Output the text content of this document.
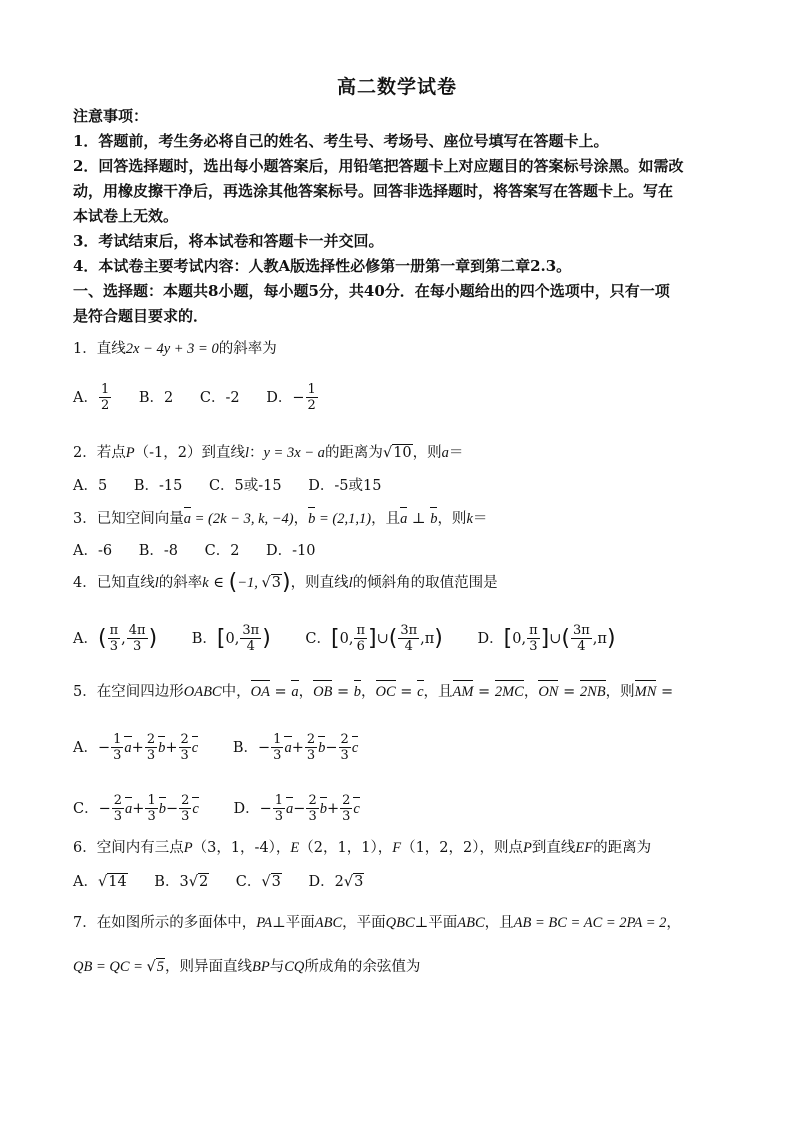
高二数学试卷
注意事项：
1．答题前，考生务必将自己的姓名、考生号、考场号、座位号填写在答题卡上。
2．回答选择题时，选出每小题答案后，用铅笔把答题卡上对应题目的答案标号涂黑。如需改
动，用橡皮擦干净后，再选涂其他答案标号。回答非选择题时，将答案写在答题卡上。写在
本试卷上无效。
3．考试结束后，将本试卷和答题卡一并交回。
4．本试卷主要考试内容：人教A版选择性必修第一册第一章到第二章2.3。
一、选择题：本题共8小题，每小题5分，共40分．在每小题给出的四个选项中，只有一项
是符合题目要求的．
1．直线2x − 4y + 3 = 0的斜率为
A． $\frac{1}{2}$ B．2 C．-2 D．− $\frac{1}{2}$
2．若点P（-1，2）到直线l：y = 3x − a的距离为√10，则a＝
A．5 B．-15 C．5或-15 D．-5或15
3．已知空间向量a = (2k − 3, k, −4)，b = (2,1,1)，且a ⊥ b，则k＝
A．-6 B．-8 C．2 D．-10
4．已知直线l的斜率k ∈ (−1, √3)，则直线l的倾斜角的取值范围是
A．( $\frac{\pi}{3}$ , $\frac{4\pi}{3}$ ) B．[0, $\frac{3\pi}{4}$ ) C．[0, $\frac{\pi}{6}$ ]∪( $\frac{3\pi}{4} ,\pi$) D．[0, $\frac{\pi}{3}$ ]∪( $\frac{3\pi}{4} ,\pi$)
5．在空间四边形OABC中，OA = a，OB = b，OC = c，且AM = 2MC，ON = 2NB，则MN =
A．− $\frac{1}{3} a+ \frac{2}{3} b+ \frac{2}{3}$ c B．− $\frac{1}{3} a+ \frac{2}{3} b- \frac{2}{3}$ c
C．− $\frac{2}{3} a+ \frac{1}{3} b- \frac{2}{3}$ c D．− $\frac{1}{3} a- \frac{2}{3} b+ \frac{2}{3}$ c
6．空间内有三点P（3，1，-4），E（2，1，1），F（1，2，2），则点P到直线EF的距离为
A．√14 B．3√2 C．√3 D．2√3
7．在如图所示的多面体中，PA⊥平面ABC，平面QBC⊥平面ABC，且AB = BC = AC = 2PA = 2，
QB = QC = √5，则异面直线BP与CQ所成角的余弦值为
